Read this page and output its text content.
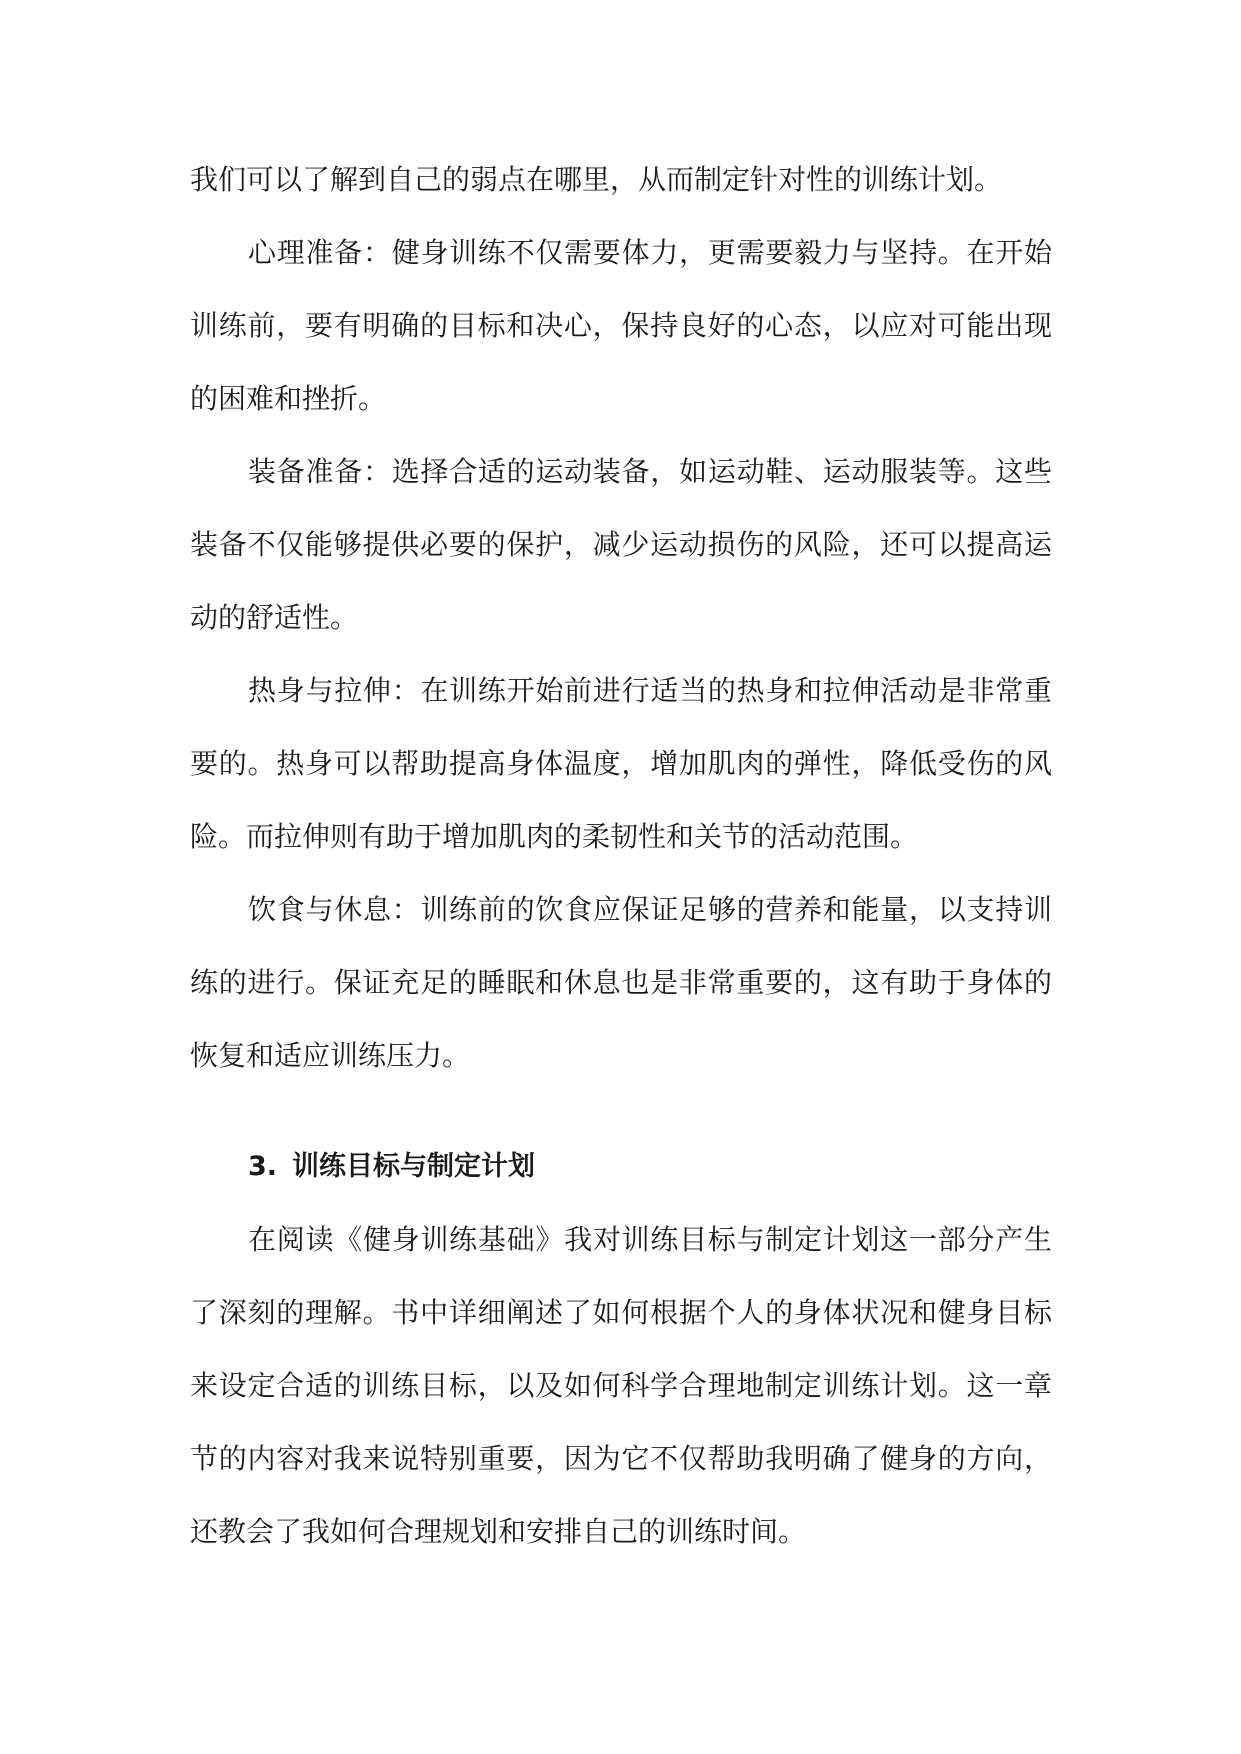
我们可以了解到自己的弱点在哪里，从而制定针对性的训练计划。

心理准备：健身训练不仅需要体力，更需要毅力与坚持。在开始训练前，要有明确的目标和决心，保持良好的心态，以应对可能出现的困难和挫折。

装备准备：选择合适的运动装备，如运动鞋、运动服装等。这些装备不仅能够提供必要的保护，减少运动损伤的风险，还可以提高运动的舒适性。

热身与拉伸：在训练开始前进行适当的热身和拉伸活动是非常重要的。热身可以帮助提高身体温度，增加肌肉的弹性，降低受伤的风险。而拉伸则有助于增加肌肉的柔韧性和关节的活动范围。

饮食与休息：训练前的饮食应保证足够的营养和能量，以支持训练的进行。保证充足的睡眠和休息也是非常重要的，这有助于身体的恢复和适应训练压力。

3. 训练目标与制定计划

在阅读《健身训练基础》我对训练目标与制定计划这一部分产生了深刻的理解。书中详细阐述了如何根据个人的身体状况和健身目标来设定合适的训练目标，以及如何科学合理地制定训练计划。这一章节的内容对我来说特别重要，因为它不仅帮助我明确了健身的方向，还教会了我如何合理规划和安排自己的训练时间。
